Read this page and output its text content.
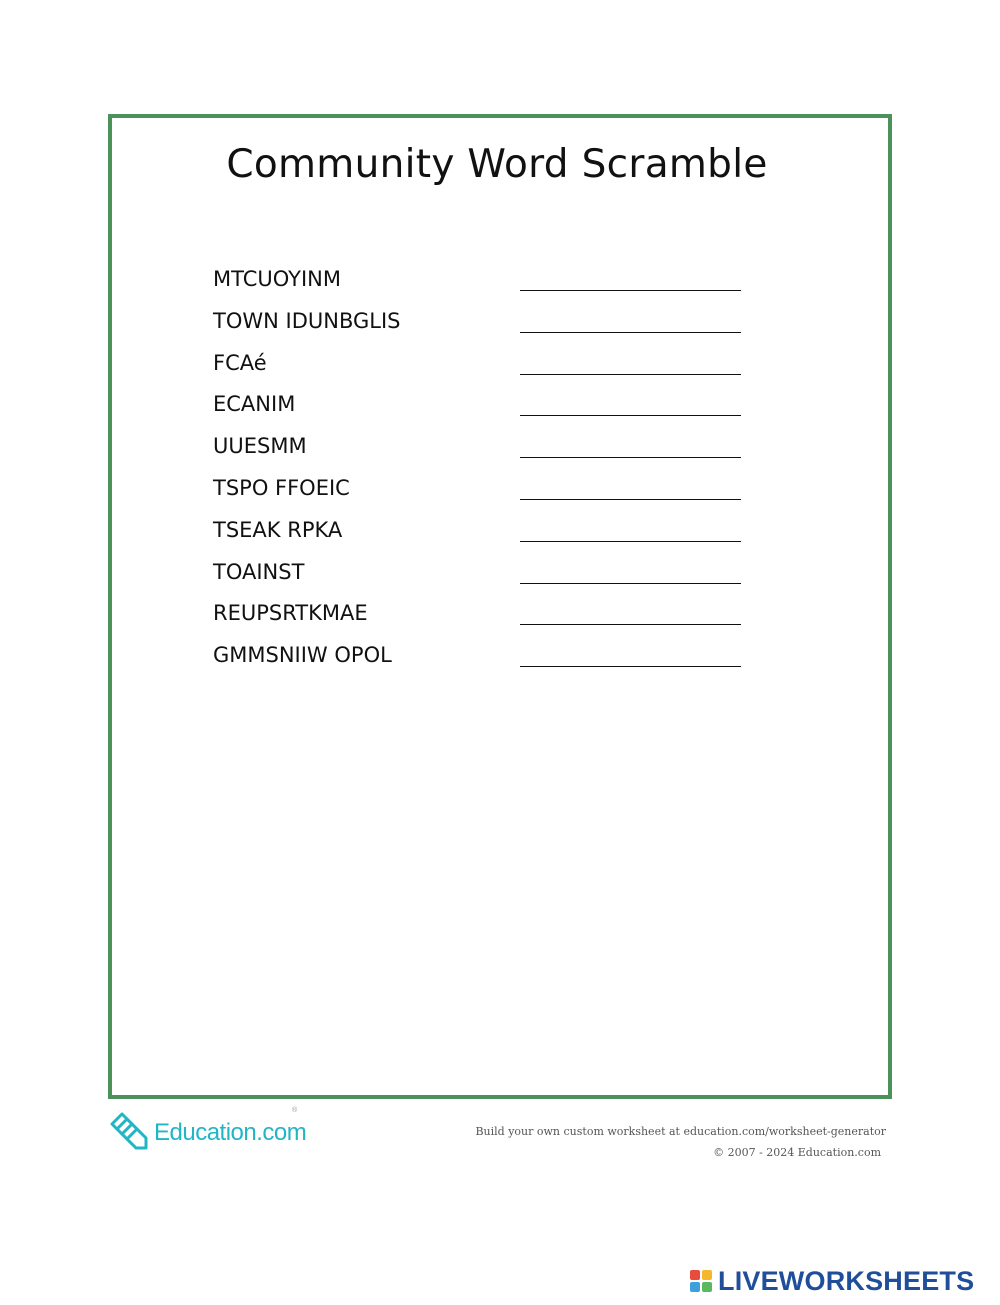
Community Word Scramble
MTCUOYINM
TOWN IDUNBGLIS
FCAé
ECANIM
UUESMM
TSPO FFOEIC
TSEAK RPKA
TOAINST
REUPSRTKMAE
GMMSNIIW OPOL
Education.com
®
Build your own custom worksheet at education.com/worksheet-generator
© 2007 - 2024 Education.com
LIVEWORKSHEETS
